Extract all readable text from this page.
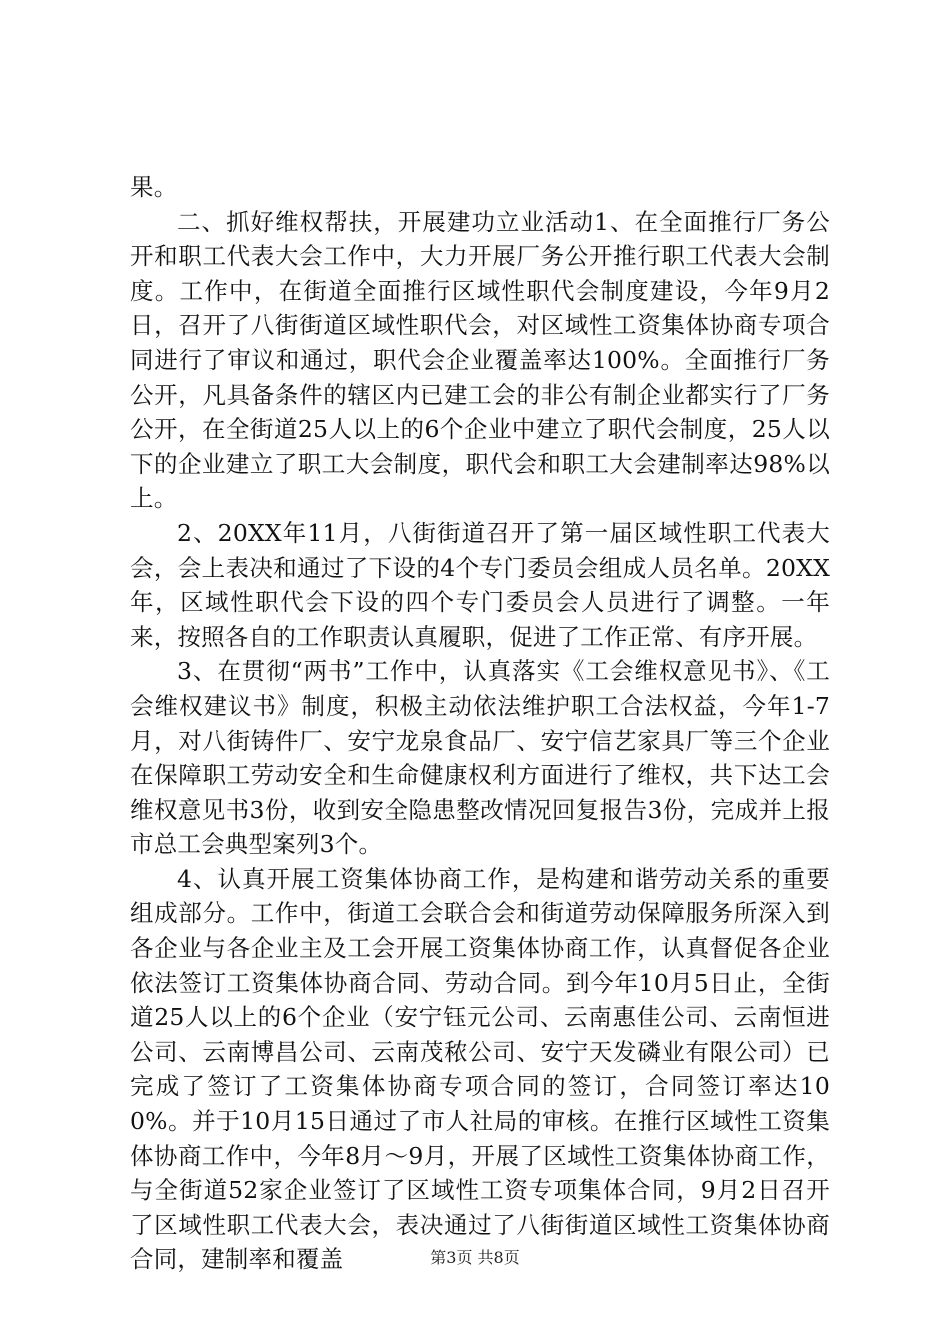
果。

二、抓好维权帮扶，开展建功立业活动1、在全面推行厂务公开和职工代表大会工作中，大力开展厂务公开推行职工代表大会制度。工作中，在街道全面推行区域性职代会制度建设，今年9月2日，召开了八街街道区域性职代会，对区域性工资集体协商专项合同进行了审议和通过，职代会企业覆盖率达100%。全面推行厂务公开，凡具备条件的辖区内已建工会的非公有制企业都实行了厂务公开，在全街道25人以上的6个企业中建立了职代会制度，25人以下的企业建立了职工大会制度，职代会和职工大会建制率达98%以上。

2、20XX年11月，八街街道召开了第一届区域性职工代表大会，会上表决和通过了下设的4个专门委员会组成人员名单。20XX年，区域性职代会下设的四个专门委员会人员进行了调整。一年来，按照各自的工作职责认真履职，促进了工作正常、有序开展。

3、在贯彻“两书”工作中，认真落实《工会维权意见书》、《工会维权建议书》制度，积极主动依法维护职工合法权益，今年1-7月，对八街铸件厂、安宁龙泉食品厂、安宁信艺家具厂等三个企业在保障职工劳动安全和生命健康权利方面进行了维权，共下达工会维权意见书3份，收到安全隐患整改情况回复报告3份，完成并上报市总工会典型案列3个。

4、认真开展工资集体协商工作，是构建和谐劳动关系的重要组成部分。工作中，街道工会联合会和街道劳动保障服务所深入到各企业与各企业主及工会开展工资集体协商工作，认真督促各企业依法签订工资集体协商合同、劳动合同。到今年10月5日止，全街道25人以上的6个企业（安宁钰元公司、云南惠佳公司、云南恒进公司、云南博昌公司、云南茂秾公司、安宁天发磷业有限公司）已完成了签订了工资集体协商专项合同的签订，合同签订率达100%。并于10月15日通过了市人社局的审核。在推行区域性工资集体协商工作中，今年8月～9月，开展了区域性工资集体协商工作，与全街道52家企业签订了区域性工资专项集体合同，9月2日召开了区域性职工代表大会，表决通过了八街街道区域性工资集体协商合同，建制率和覆盖	第3页 共8页
